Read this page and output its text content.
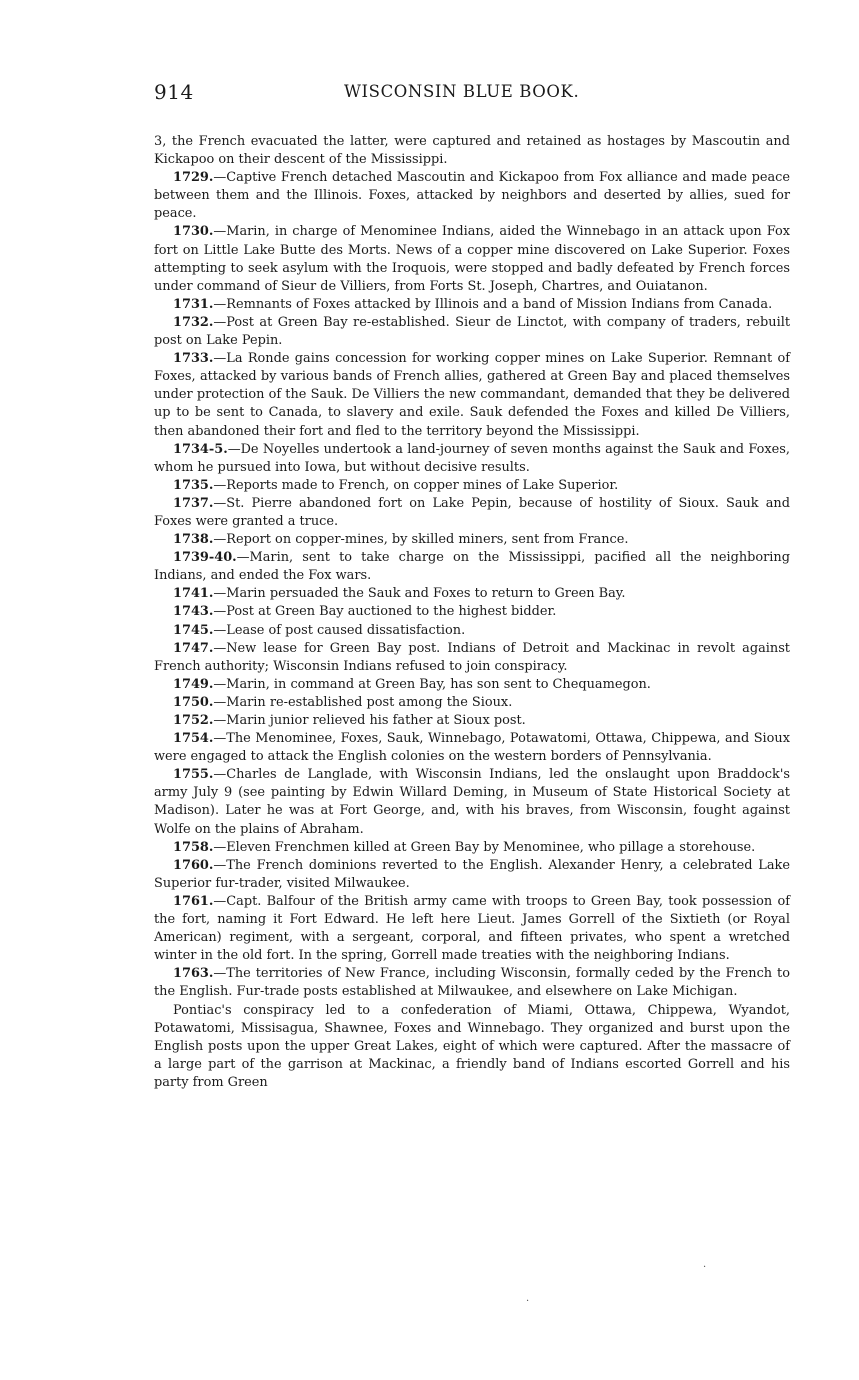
914	WISCONSIN BLUE BOOK.

3, the French evacuated the latter, were captured and retained as hostages by Mascoutin and Kickapoo on their descent of the Mississippi.

1729.—Captive French detached Mascoutin and Kickapoo from Fox alliance and made peace between them and the Illinois. Foxes, attacked by neighbors and deserted by allies, sued for peace.

1730.—Marin, in charge of Menominee Indians, aided the Winnebago in an attack upon Fox fort on Little Lake Butte des Morts. News of a copper mine discovered on Lake Superior. Foxes attempting to seek asylum with the Iroquois, were stopped and badly defeated by French forces under command of Sieur de Villiers, from Forts St. Joseph, Chartres, and Ouiatanon.

1731.—Remnants of Foxes attacked by Illinois and a band of Mission Indians from Canada.

1732.—Post at Green Bay re-established. Sieur de Linctot, with company of traders, rebuilt post on Lake Pepin.

1733.—La Ronde gains concession for working copper mines on Lake Superior. Remnant of Foxes, attacked by various bands of French allies, gathered at Green Bay and placed themselves under protection of the Sauk. De Villiers the new commandant, demanded that they be delivered up to be sent to Canada, to slavery and exile. Sauk defended the Foxes and killed De Villiers, then abandoned their fort and fled to the territory beyond the Mississippi.

1734-5.—De Noyelles undertook a land-journey of seven months against the Sauk and Foxes, whom he pursued into Iowa, but without decisive results.

1735.—Reports made to French, on copper mines of Lake Superior.

1737.—St. Pierre abandoned fort on Lake Pepin, because of hostility of Sioux. Sauk and Foxes were granted a truce.

1738.—Report on copper-mines, by skilled miners, sent from France.

1739-40.—Marin, sent to take charge on the Mississippi, pacified all the neighboring Indians, and ended the Fox wars.

1741.—Marin persuaded the Sauk and Foxes to return to Green Bay.

1743.—Post at Green Bay auctioned to the highest bidder.

1745.—Lease of post caused dissatisfaction.

1747.—New lease for Green Bay post. Indians of Detroit and Mackinac in revolt against French authority; Wisconsin Indians refused to join conspiracy.

1749.—Marin, in command at Green Bay, has son sent to Chequamegon.

1750.—Marin re-established post among the Sioux.

1752.—Marin junior relieved his father at Sioux post.

1754.—The Menominee, Foxes, Sauk, Winnebago, Potawatomi, Ottawa, Chippewa, and Sioux were engaged to attack the English colonies on the western borders of Pennsylvania.

1755.—Charles de Langlade, with Wisconsin Indians, led the onslaught upon Braddock's army July 9 (see painting by Edwin Willard Deming, in Museum of State Historical Society at Madison). Later he was at Fort George, and, with his braves, from Wisconsin, fought against Wolfe on the plains of Abraham.

1758.—Eleven Frenchmen killed at Green Bay by Menominee, who pillage a storehouse.

1760.—The French dominions reverted to the English. Alexander Henry, a celebrated Lake Superior fur-trader, visited Milwaukee.

1761.—Capt. Balfour of the British army came with troops to Green Bay, took possession of the fort, naming it Fort Edward. He left here Lieut. James Gorrell of the Sixtieth (or Royal American) regiment, with a sergeant, corporal, and fifteen privates, who spent a wretched winter in the old fort. In the spring, Gorrell made treaties with the neighboring Indians.

1763.—The territories of New France, including Wisconsin, formally ceded by the French to the English. Fur-trade posts established at Milwaukee, and elsewhere on Lake Michigan.

Pontiac's conspiracy led to a confederation of Miami, Ottawa, Chippewa, Wyandot, Potawatomi, Missisagua, Shawnee, Foxes and Winnebago. They organized and burst upon the English posts upon the upper Great Lakes, eight of which were captured. After the massacre of a large part of the garrison at Mackinac, a friendly band of Indians escorted Gorrell and his party from Green

·
·
